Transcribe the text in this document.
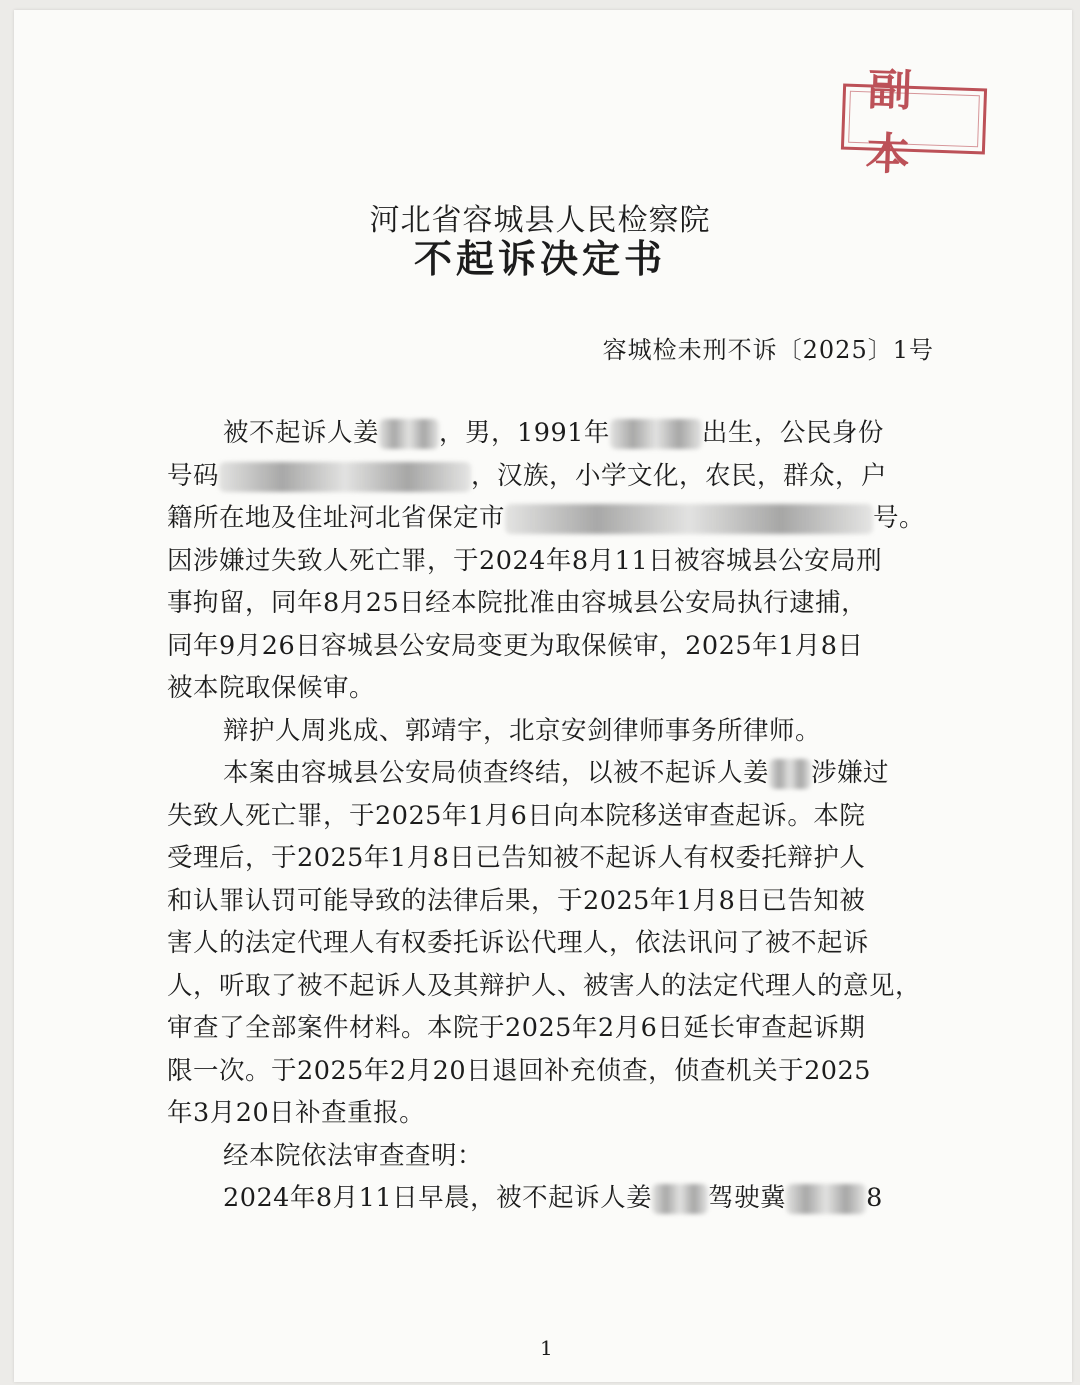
副本
河北省容城县人民检察院
不起诉决定书
容城检未刑不诉〔2025〕1号
被不起诉人姜 ，男，1991年	出生，公民身份
号码	，汉族，小学文化，农民，群众，户
籍所在地及住址河北省保定市	号。
因涉嫌过失致人死亡罪，于2024年8月11日被容城县公安局刑
事拘留，同年8月25日经本院批准由容城县公安局执行逮捕，
同年9月26日容城县公安局变更为取保候审，2025年1月8日
被本院取保候审。
辩护人周兆成、郭靖宇，北京安剑律师事务所律师。
本案由容城县公安局侦查终结，以被不起诉人姜 涉嫌过
失致人死亡罪，于2025年1月6日向本院移送审查起诉。本院
受理后，于2025年1月8日已告知被不起诉人有权委托辩护人
和认罪认罚可能导致的法律后果，于2025年1月8日已告知被
害人的法定代理人有权委托诉讼代理人，依法讯问了被不起诉
人，听取了被不起诉人及其辩护人、被害人的法定代理人的意见，
审查了全部案件材料。本院于2025年2月6日延长审查起诉期
限一次。于2025年2月20日退回补充侦查，侦查机关于2025
年3月20日补查重报。
经本院依法审查查明：
2024年8月11日早晨，被不起诉人姜 驾驶冀	8
1
